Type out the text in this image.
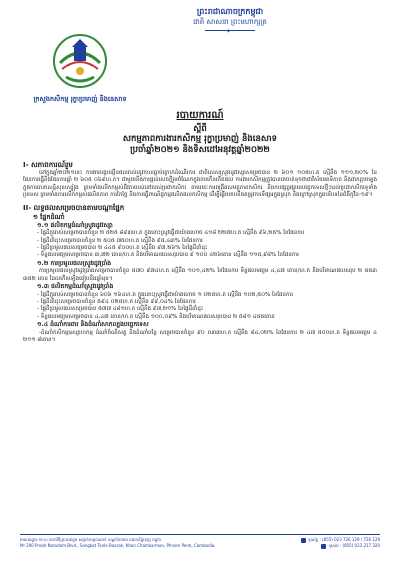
ព្រះរាជាណាចក្រកម្ពុជា
ជាតិ សាសនា ព្រះមហាក្សត្រ
✦
ក្រសួងកសិកម្ម រុក្ខាប្រមាញ់ និងនេសាទ
របាយការណ៍
ស្តីពី
សកម្មភាពការងារកសិកម្ម រុក្ខាប្រមាញ់ និងនេសាទ
ប្រចាំឆ្នាំ២០២១ និងទិសដៅអនុវត្តឆ្នាំ២០២២
I- សភាពការណ៍រួម
នៅក្នុងឆ្នាំ២០២១នេះ ការងារបង្កបង្កើនផលរាល់រដូវកាលធ្លាប់ក្រោកដំណើរការ ជាពិសេសស្រូវរដូវវស្សាសម្រេចបាន ២ ៦០១ ១០៥ហ.ត ស្មើនឹង ១១១,២០% នៃផែនការធ្វើនិងផែនការឆ្នាំ ២ ៦០៥ ០៦៩ហ.ត។ ជាមួយនឹងការផ្តល់សេចក្តីរួមចំណែកក្នុងការកើនកើតផល ការងារកសិកម្មត្រូវបានគេចាត់ទុកថាជាវិស័យអាទិភាព និងជាកត្តាចម្បងក្នុងការធានាសន្តិសុខស្បៀង ព្រមទាំងលើកកម្ពស់ជីវភាពរស់នៅរបស់ប្រជាកសិករ តាមរយៈការពង្រឹងសមត្ថភាពកសិករ និងការផ្សព្វផ្សាយបច្ចេកទេសថ្មីៗដល់ប្រជាកសិករទូទាំងប្រទេស ព្រមទាំងការលើកកម្ពស់ផលិតភាព ការកែច្នៃ និងការធ្វើពាណិជ្ជកម្មផលិតផលកសិកម្ម ដើម្បីឆ្លើយតបនឹងតម្រូវការទីផ្សារក្នុងស្រុក និងក្រៅស្រុកក្នុងបរិបទនៃជំងឺកូវីដ-១៩។
II- លទ្ធផលសម្រេចបានតាមបណ្ដាផ្នែក
១ ផ្នែកដំណាំ
១.១ ផលិតកម្មដំណាំស្រូវរដូវវស្សា
- ផ្ទៃដីភ្ជួររាស់សម្រេចបានចំនួន ២ ៥២៥ ៨៩៣ហ.ត ក្នុងនោះស្រូវធ្វើជាយ៉ាងហោច ៤១៨ ២២៧ហ.ត ស្មើនឹង ៩៦,២៥% នៃផែនការ
- ផ្ទៃដីដាំដុះសម្រេចបានចំនួន ២ ៥០៥ ៧៥០ហ.ត ស្មើនឹង ៩៥,៤៣% នៃផែនការ
- ផ្ទៃដីប្រមូលផលសម្រេចបាន ២ ៤៤៥ ៩០០ហ.ត ស្មើនឹង ៩៧,២៦% នៃផ្ទៃដីដាំដុះ
- ទិន្នផលមធ្យមសម្រេចបាន ៣,៧២ តោន/ហ.ត និងបរិមាណផលសរុបបាន ៩ ១០០ ៤២៦តោន ស្មើនឹង ១១៥,៩៨% នៃផែនការ
១.២ ការប្រមូលផលស្រូវរដូវប្រាំង
ការប្រមូលផលស្រូវរដូវប្រាំងសម្រេចបានចំនួន ៥៧០ ៩៧៤ហ.ត ស្មើនឹង ១០១,៤២% នៃផែនការ ទិន្នផលមធ្យម ៤,៤៧ តោន/ហ.ត និងបរិមាណផលសរុប ២ ៥៥៣ ៣៥២ តោន ដែលកើនឡើងធៀបនឹងឆ្នាំមុន។
១.៣ ផលិតកម្មដំណាំស្រូវរដូវប្រាំង
- ផ្ទៃដីភ្ជួររាស់សម្រេចបានចំនួន ៦០៦ ១៦៤ហ.ត ក្នុងនោះស្រូវធ្វើជាយ៉ាងហោច ១ ០២៥ហ.ត ស្មើនឹង ១០២,៥០% នៃផែនការ
- ផ្ទៃដីដាំដុះសម្រេចបានចំនួន ៥៩៤ ០២៥ហ.ត ស្មើនឹង ៩៩,០៤% នៃផែនការ
- ផ្ទៃដីប្រមូលផលសម្រេចបាន ៥៧៧ ៤៨១ហ.ត ស្មើនឹង ៩៧,២១% នៃផ្ទៃដីដាំដុះ
- ទិន្នផលមធ្យមសម្រេចបាន ៤,៤៧ តោន/ហ.ត ស្មើនឹង ១០០,០៩% និងបរិមាណផលសរុបបាន ២ ៥៨១ ៤៥៥តោន
១.៤ ដំណាំការពារ និងដំណាំសាកល្បងបច្ចេកទេស
-ដំណាំកសិកម្មឧស្សាហកម្ម ដំណាំចំណីសត្វ និងដំណាំបន្លែ សម្រេចបានចំនួន ៩០ ០៣៣ហ.ត ស្មើនឹង ៨៤,០២% នៃផែនការ ២ ៤៧ ៥០០ហ.ត ទិន្នផលមធ្យម ៤ ២១១ ៨តោន។
អាសយដ្ឋាន ២០០ មហាវិថីព្រះនរោត្តម សង្កាត់ទន្លេបាសាក់ ខណ្ឌចំការមន រាជធានីភ្នំពេញ កម្ពុជា	ទូរស័ព្ទ : (855) 023 726 129 / 726 129
Nº 200 Preah Norodom Blvd., Sangkat Tonle Bassak, Khan Chamkarmon, Phnom Penh, Cambodia.	ទូរសារ : (855) 023 217 320
